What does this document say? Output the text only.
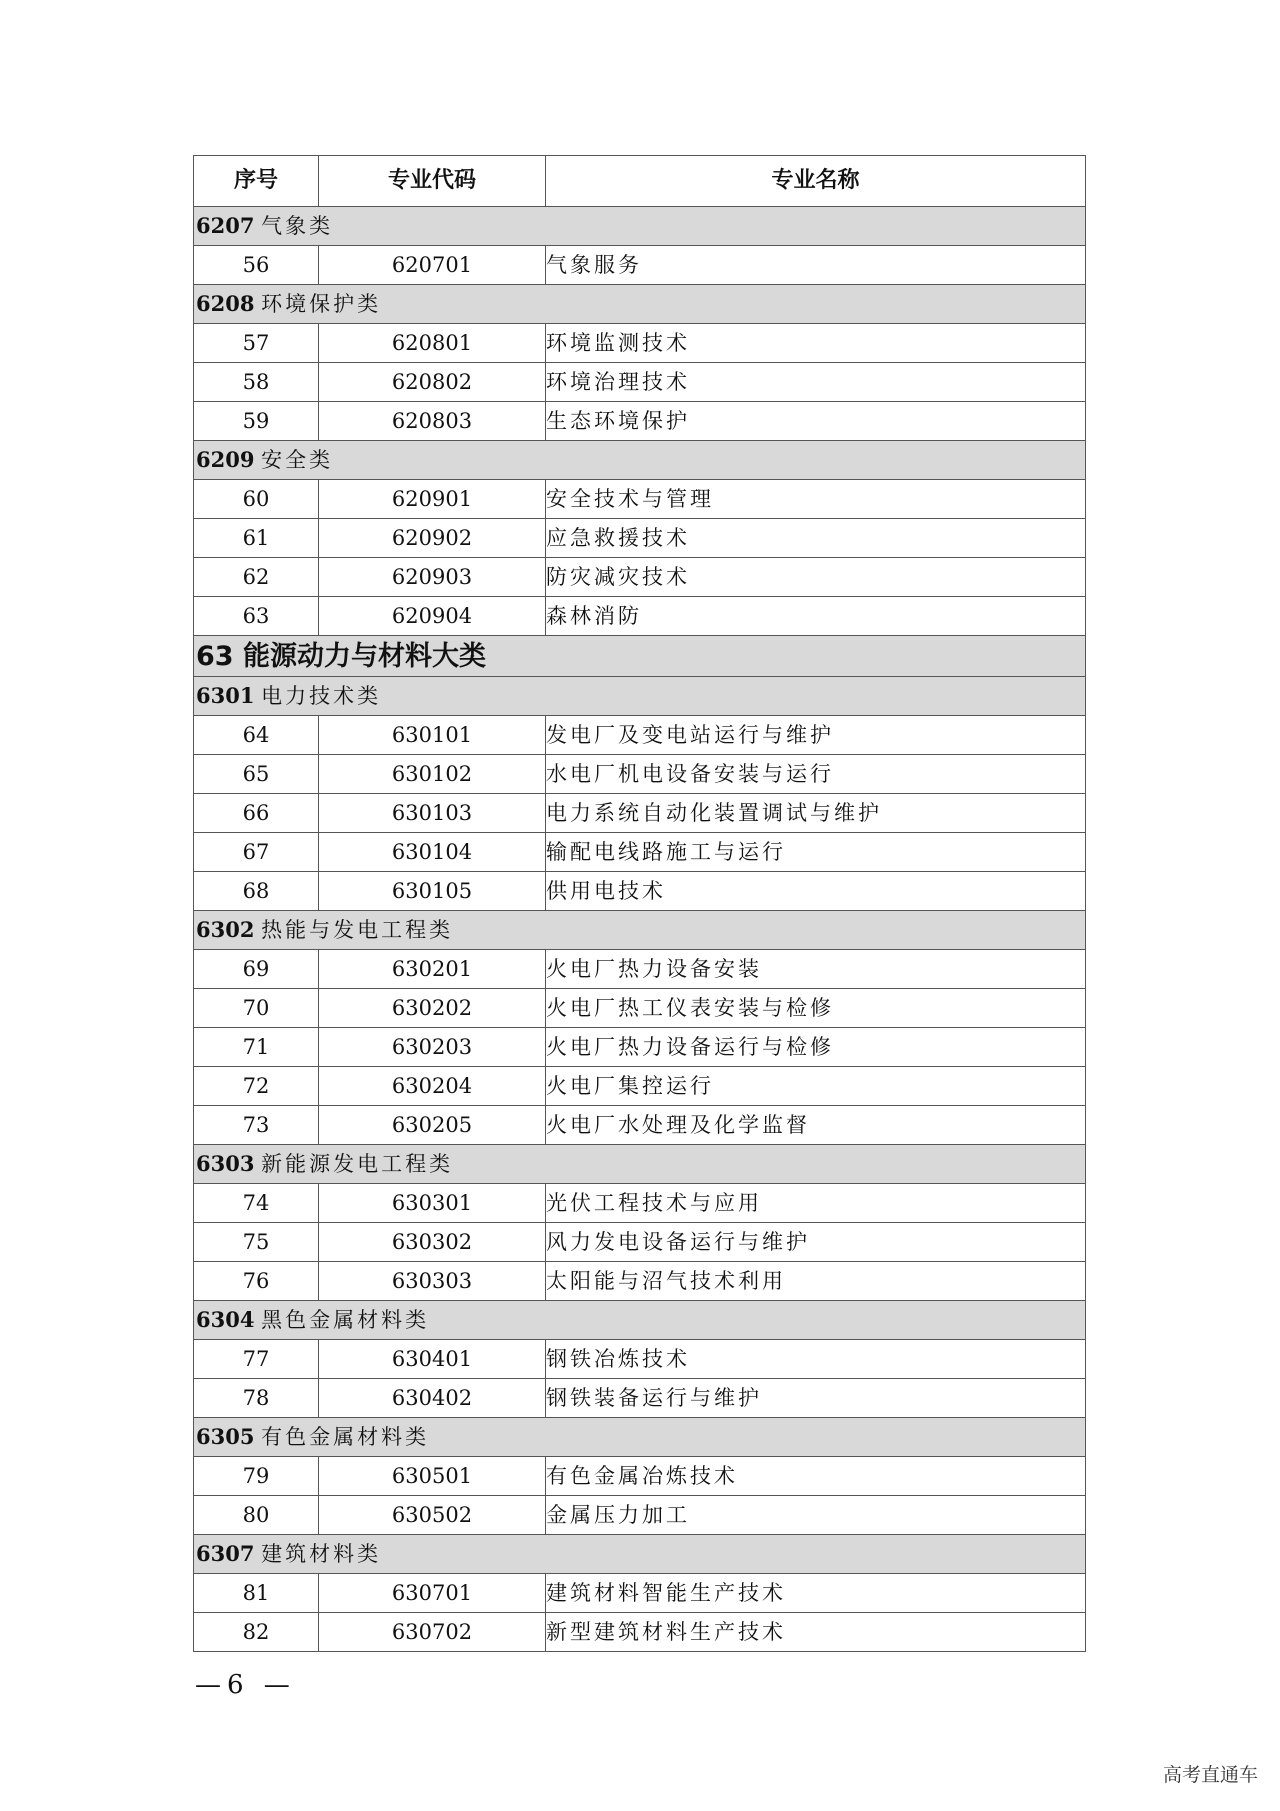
序号	专业代码	专业名称
6207 气象类		
56	620701	气象服务
6208 环境保护类		
57	620801	环境监测技术
58	620802	环境治理技术
59	620803	生态环境保护
6209 安全类		
60	620901	安全技术与管理
61	620902	应急救援技术
62	620903	防灾减灾技术
63	620904	森林消防
63 能源动力与材料大类		
6301 电力技术类		
64	630101	发电厂及变电站运行与维护
65	630102	水电厂机电设备安装与运行
66	630103	电力系统自动化装置调试与维护
67	630104	输配电线路施工与运行
68	630105	供用电技术
6302 热能与发电工程类		
69	630201	火电厂热力设备安装
70	630202	火电厂热工仪表安装与检修
71	630203	火电厂热力设备运行与检修
72	630204	火电厂集控运行
73	630205	火电厂水处理及化学监督
6303 新能源发电工程类		
74	630301	光伏工程技术与应用
75	630302	风力发电设备运行与维护
76	630303	太阳能与沼气技术利用
6304 黑色金属材料类		
77	630401	钢铁冶炼技术
78	630402	钢铁装备运行与维护
6305 有色金属材料类		
79	630501	有色金属冶炼技术
80	630502	金属压力加工
6307 建筑材料类		
81	630701	建筑材料智能生产技术
82	630702	新型建筑材料生产技术
—6 —
高考直通车
